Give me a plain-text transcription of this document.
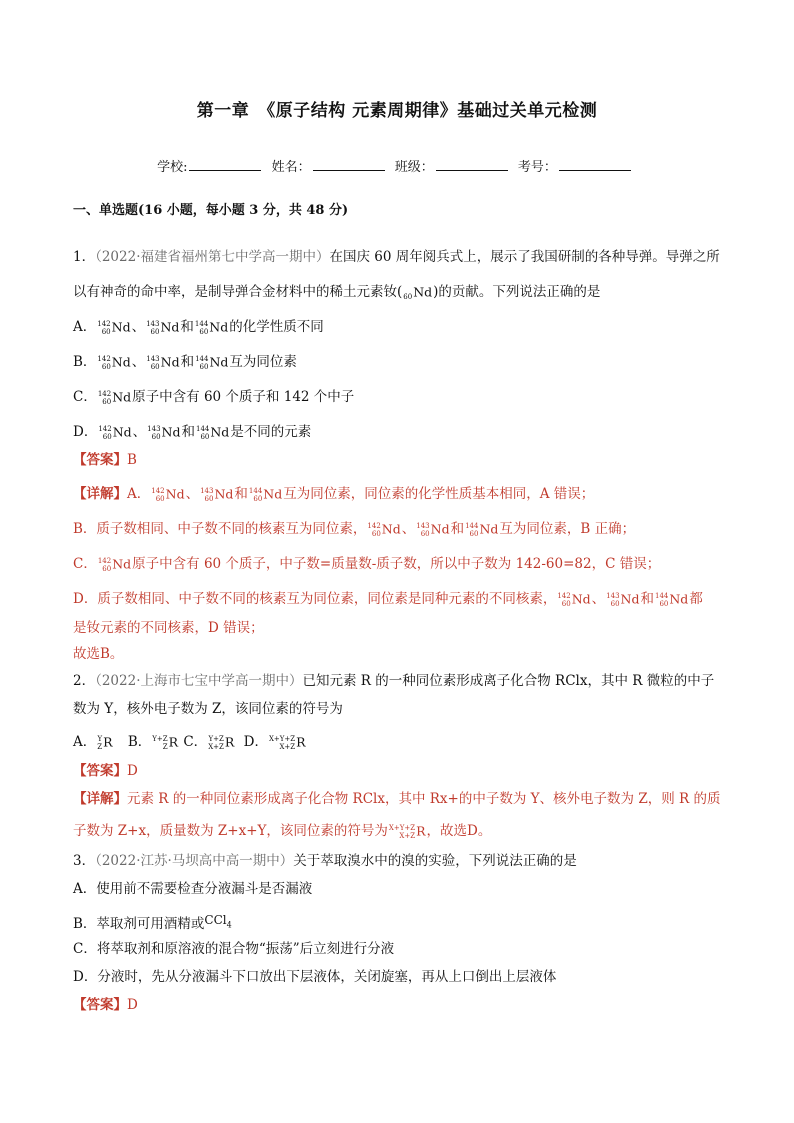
第一章　《原子结构 元素周期律》基础过关单元检测
学校:	姓名：	班级：	考号：
一、单选题(16 小题，每小题 3 分，共 48 分)
1．（2022·福建省福州第七中学高一期中）在国庆 60 周年阅兵式上，展示了我国研制的各种导弹。导弹之所
以有神奇的命中率，是制导弹合金材料中的稀土元素钕(
60 Nd)的贡献。下列说法正确的是
A． 142
60 Nd、 143
60 Nd和 144
60 Nd的化学性质不同
B． 142
60 Nd、 143
60 Nd和 144
60 Nd互为同位素
C． 142
60 Nd原子中含有 60 个质子和 142 个中子
D． 142
60 Nd、 143
60 Nd和 144
60 Nd是不同的元素
【答案】B
【详解】A． 142
60 Nd、 143
60 Nd和 144
60 Nd互为同位素，同位素的化学性质基本相同，A 错误；
B．质子数相同、中子数不同的核素互为同位素， 142
60 Nd、 143
60 Nd和 144
60 Nd互为同位素，B 正确；
C． 142
60 Nd原子中含有 60 个质子，中子数=质量数-质子数，所以中子数为 142-60=82，C 错误；
D．质子数相同、中子数不同的核素互为同位素，同位素是同种元素的不同核素， 142
60 Nd、 143
60 Nd和 144
60 Nd都
是钕元素的不同核素，D 错误；
故选B。
2．（2022·上海市七宝中学高一期中）已知元素 R 的一种同位素形成离子化合物 RClx，其中 R 微粒的中子
数为 Y，核外电子数为 Z，该同位素的符号为
A． Y
Z R B． Y+Z
Z R C． Y+Z
X+Z R D． X+Y+Z
X+Z R
【答案】D
【详解】元素 R 的一种同位素形成离子化合物 RClx，其中 Rx+的中子数为 Y、核外电子数为 Z，则 R 的质
子数为 Z+x，质量数为 Z+x+Y，该同位素的符号为 X+Y+Z
X+Z R，故选D。
3．（2022·江苏·马坝高中高一期中）关于萃取溴水中的溴的实验，下列说法正确的是
A．使用前不需要检查分液漏斗是否漏液
B．萃取剂可用酒精或CCl$_4$
C．将萃取剂和原溶液的混合物“振荡”后立刻进行分液
D．分液时，先从分液漏斗下口放出下层液体，关闭旋塞，再从上口倒出上层液体
【答案】D
